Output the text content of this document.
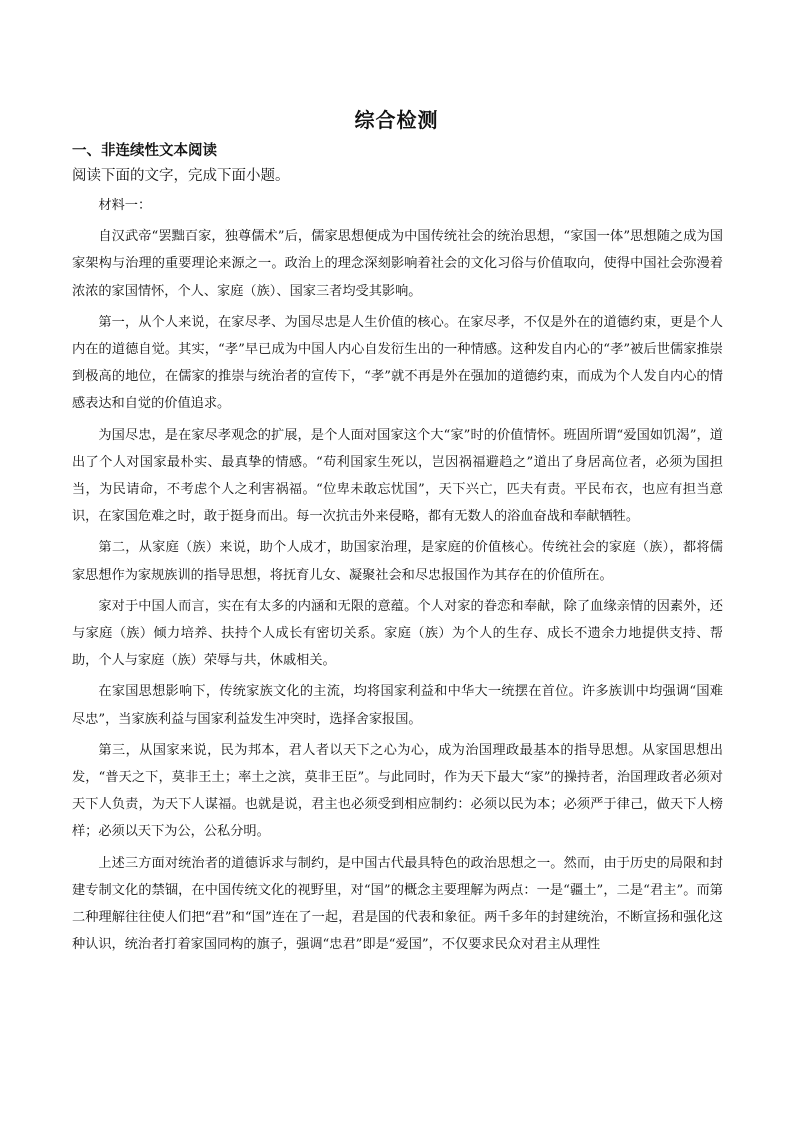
综合检测
一、非连续性文本阅读
阅读下面的文字，完成下面小题。

材料一：

自汉武帝“罢黜百家，独尊儒术”后，儒家思想便成为中国传统社会的统治思想，“家国一体”思想随之成为国家架构与治理的重要理论来源之一。政治上的理念深刻影响着社会的文化习俗与价值取向，使得中国社会弥漫着浓浓的家国情怀，个人、家庭（族）、国家三者均受其影响。

第一，从个人来说，在家尽孝、为国尽忠是人生价值的核心。在家尽孝，不仅是外在的道德约束，更是个人内在的道德自觉。其实，“孝”早已成为中国人内心自发衍生出的一种情感。这种发自内心的“孝”被后世儒家推崇到极高的地位，在儒家的推崇与统治者的宣传下，“孝”就不再是外在强加的道德约束，而成为个人发自内心的情感表达和自觉的价值追求。

为国尽忠，是在家尽孝观念的扩展，是个人面对国家这个大“家”时的价值情怀。班固所谓“爱国如饥渴”，道出了个人对国家最朴实、最真挚的情感。“苟利国家生死以，岂因祸福避趋之”道出了身居高位者，必须为国担当，为民请命，不考虑个人之利害祸福。“位卑未敢忘忧国”，天下兴亡，匹夫有责。平民布衣，也应有担当意识，在家国危难之时，敢于挺身而出。每一次抗击外来侵略，都有无数人的浴血奋战和奉献牺牲。

第二，从家庭（族）来说，助个人成才，助国家治理，是家庭的价值核心。传统社会的家庭（族），都将儒家思想作为家规族训的指导思想，将抚育儿女、凝聚社会和尽忠报国作为其存在的价值所在。

家对于中国人而言，实在有太多的内涵和无限的意蕴。个人对家的眷恋和奉献，除了血缘亲情的因素外，还与家庭（族）倾力培养、扶持个人成长有密切关系。家庭（族）为个人的生存、成长不遗余力地提供支持、帮助，个人与家庭（族）荣辱与共，休戚相关。

在家国思想影响下，传统家族文化的主流，均将国家利益和中华大一统摆在首位。许多族训中均强调“国难尽忠”，当家族利益与国家利益发生冲突时，选择舍家报国。

第三，从国家来说，民为邦本，君人者以天下之心为心，成为治国理政最基本的指导思想。从家国思想出发，“普天之下，莫非王土；率土之滨，莫非王臣”。与此同时，作为天下最大“家”的操持者，治国理政者必须对天下人负责，为天下人谋福。也就是说，君主也必须受到相应制约：必须以民为本；必须严于律己，做天下人榜样；必须以天下为公，公私分明。

上述三方面对统治者的道德诉求与制约，是中国古代最具特色的政治思想之一。然而，由于历史的局限和封建专制文化的禁锢，在中国传统文化的视野里，对“国”的概念主要理解为两点：一是“疆土”，二是“君主”。而第二种理解往往使人们把“君”和“国”连在了一起，君是国的代表和象征。两千多年的封建统治，不断宣扬和强化这种认识，统治者打着家国同构的旗子，强调“忠君”即是“爱国”，不仅要求民众对君主从理性
